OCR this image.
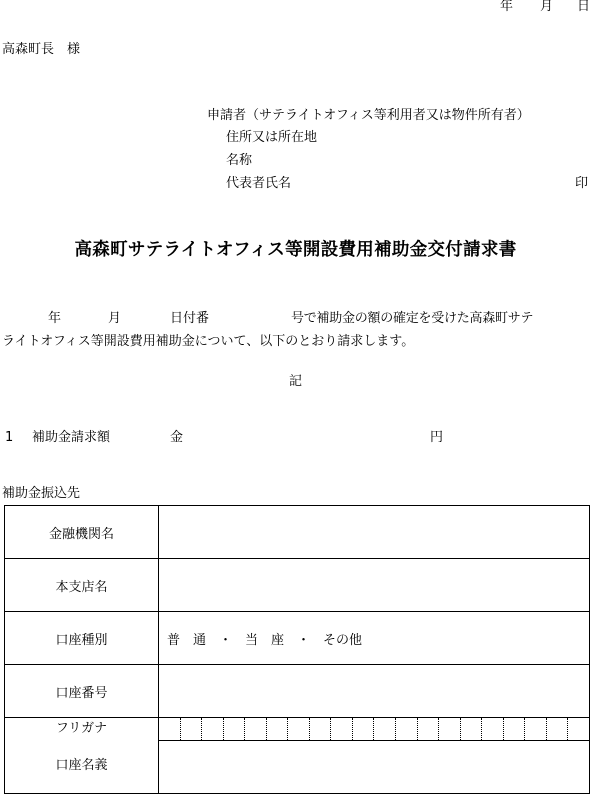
年 月 日
高森町長　様
申請者（サテライトオフィス等利用者又は物件所有者）
住所又は所在地
名称
代表者氏名	印
高森町サテライトオフィス等開設費用補助金交付請求書
年	月	日付番	号で補助金の額の確定を受けた高森町サテ
ライトオフィス等開設費用補助金について、以下のとおり請求します。
記
1 補助金請求額	金	円
補助金振込先
金融機関名	
本支店名	
口座種別	普　通　・　当　座　・　その他
口座番号	

フリガナ
口座名義	
